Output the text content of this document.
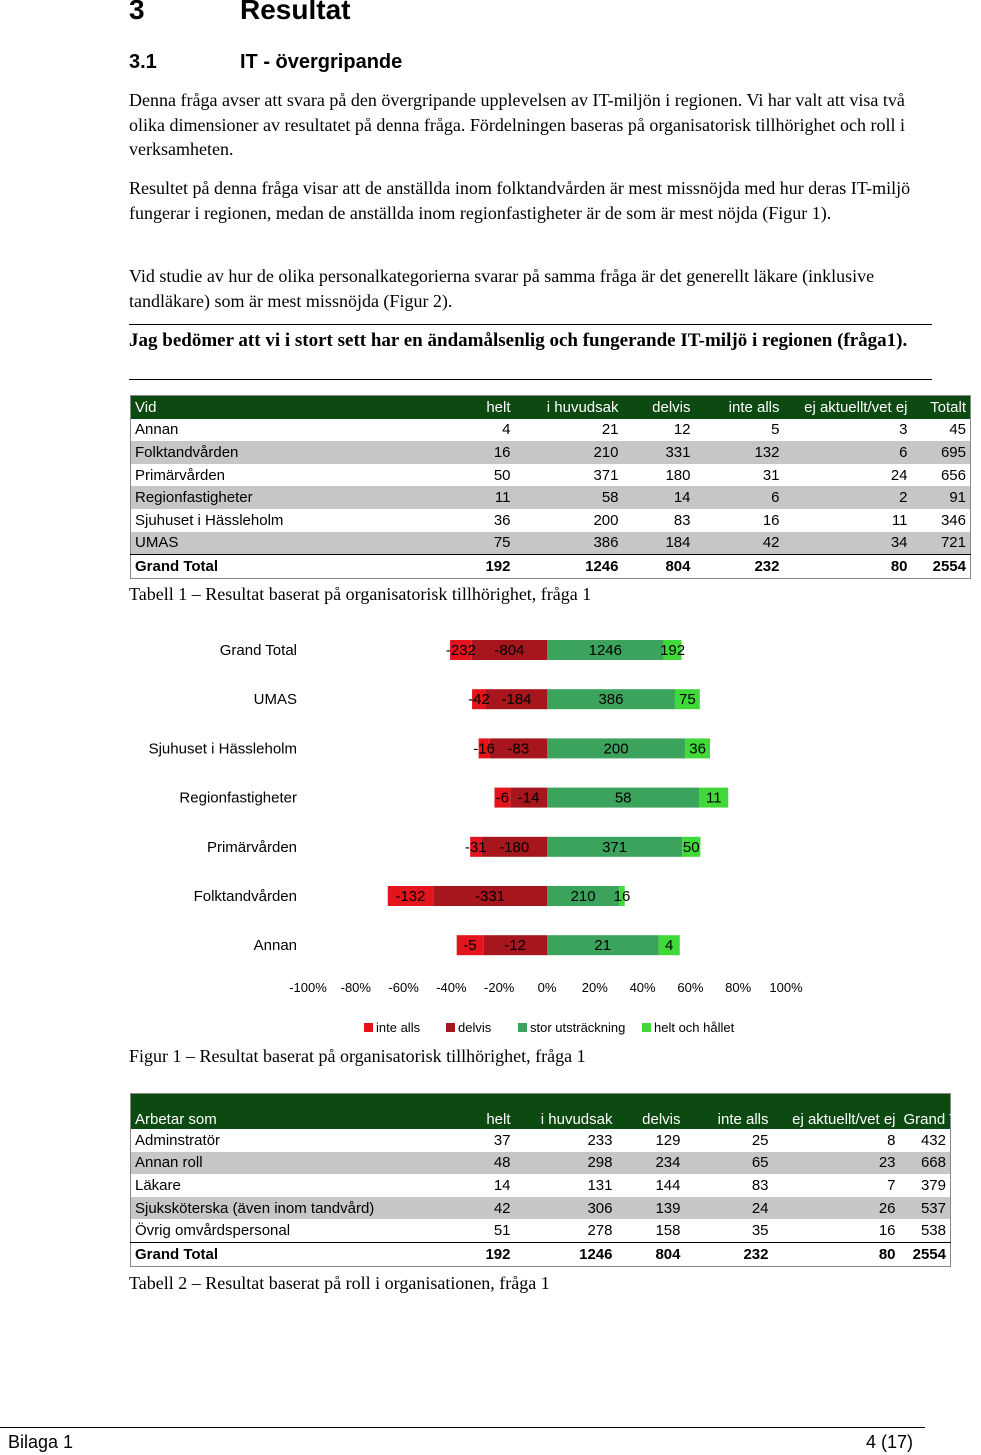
3	Resultat
3.1	IT - övergripande

Denna fråga avser att svara på den övergripande upplevelsen av IT-miljön i regionen. Vi har valt att visa två olika dimensioner av resultatet på denna fråga. Fördelningen baseras på organisatorisk tillhörighet och roll i verksamheten.

Resultet på denna fråga visar att de anställda inom folktandvården är mest missnöjda med hur deras IT-miljö fungerar i regionen, medan de anställda inom regionfastigheter är de som är mest nöjda (Figur 1).

Vid studie av hur de olika personalkategorierna svarar på samma fråga är det generellt läkare (inklusive tandläkare) som är mest missnöjda (Figur 2).

Jag bedömer att vi i stort sett har en ändamålsenlig och fungerande IT-miljö i regionen (fråga1).

Vid	helt	i huvudsak	delvis	inte alls	ej aktuellt/vet ej	Totalt
Annan	4	21	12	5	3	45
Folktandvården	16	210	331	132	6	695
Primärvården	50	371	180	31	24	656
Regionfastigheter	11	58	14	6	2	91
Sjuhuset i Hässleholm	36	200	83	16	11	346
UMAS	75	386	184	42	34	721
Grand Total	192	1246	804	232	80	2554
Tabell 1 – Resultat baserat på organisatorisk tillhörighet, fråga 1
Grand Total	-804
-232	1246	192
UMAS	-184
-42	386	75
Sjuhuset i Hässleholm	-83
-16	200	36
Regionfastigheter	-14
-6	58	11
Primärvården	-180
-31	371	50
Folktandvården	-331
-132	210 16
Annan	-12
-5	21	4
-100% -80% -60% -40% -20% 0% 20% 40% 60% 80% 100%
inte alls	delvis	stor utsträckning helt och hållet
Figur 1 – Resultat baserat på organisatorisk tillhörighet, fråga 1
Arbetar som	helt	i huvudsak	delvis	inte alls	ej aktuellt/vet ej	Grand Total
Adminstratör	37	233	129	25	8	432
Annan roll	48	298	234	65	23	668
Läkare	14	131	144	83	7	379
Sjuksköterska (även inom tandvård)	42	306	139	24	26	537
Övrig omvårdspersonal	51	278	158	35	16	538
Grand Total	192	1246	804	232	80	2554
Tabell 2 – Resultat baserat på roll i organisationen, fråga 1
Bilaga 1	4 (17)
